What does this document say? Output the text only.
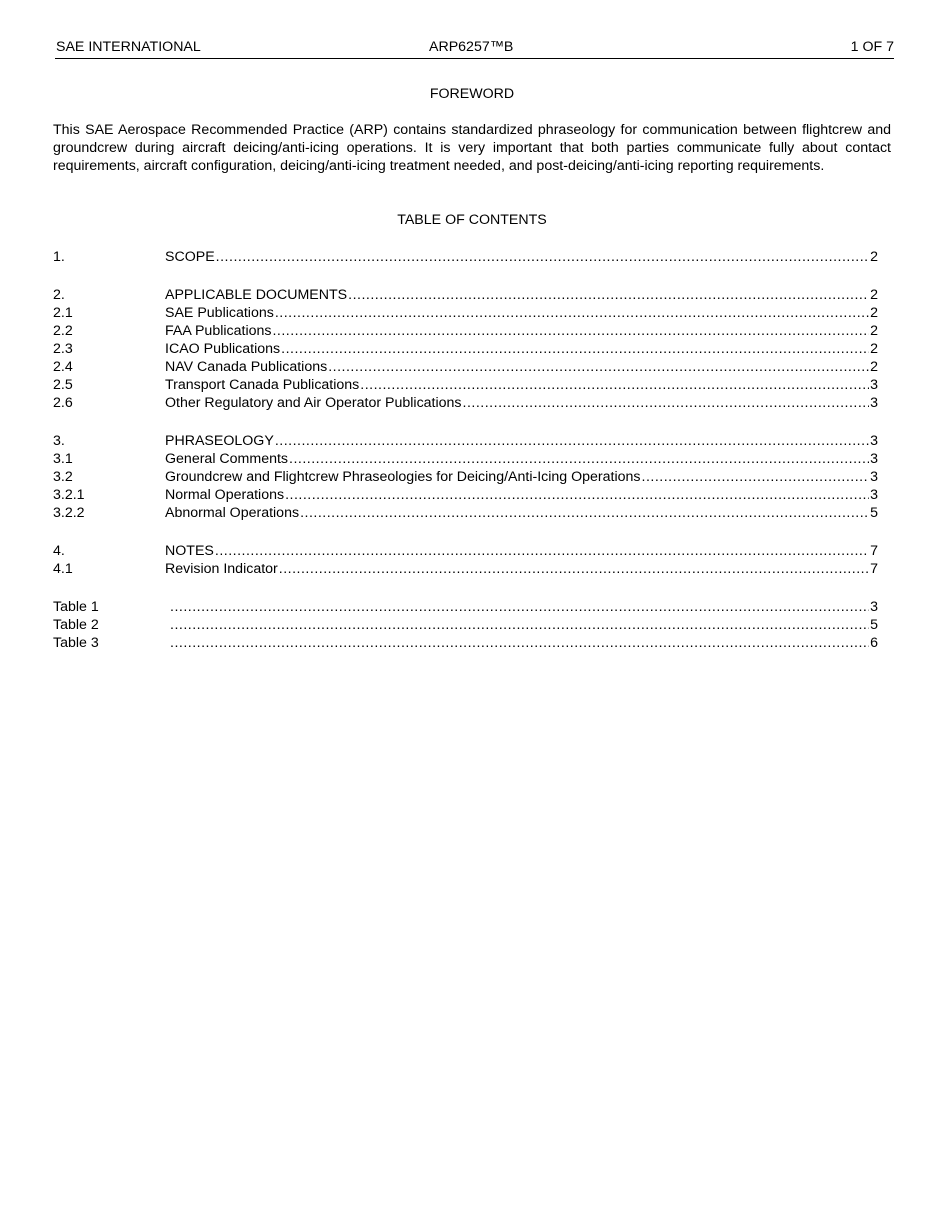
SAE INTERNATIONAL	ARP6257™B	1 OF 7
FOREWORD

This SAE Aerospace Recommended Practice (ARP) contains standardized phraseology for communication between flightcrew and groundcrew during aircraft deicing/anti-icing operations. It is very important that both parties communicate fully about contact requirements, aircraft configuration, deicing/anti-icing treatment needed, and post-deicing/anti-icing reporting requirements.

TABLE OF CONTENTS
1.	SCOPE .....	2
2.	APPLICABLE DOCUMENTS .....	2
2.1	SAE Publications .....	2
2.2	FAA Publications .....	2
2.3	ICAO Publications .....	2
2.4	NAV Canada Publications .....	2
2.5	Transport Canada Publications .....	3
2.6	Other Regulatory and Air Operator Publications .....	3
3.	PHRASEOLOGY .....	3
3.1	General Comments .....	3
3.2	Groundcrew and Flightcrew Phraseologies for Deicing/Anti-Icing Operations .....	3
3.2.1	Normal Operations .....	3
3.2.2	Abnormal Operations .....	5
4.	NOTES .....	7
4.1	Revision Indicator .....	7
Table 1 .....	3
Table 2 .....	5
Table 3 .....	6
